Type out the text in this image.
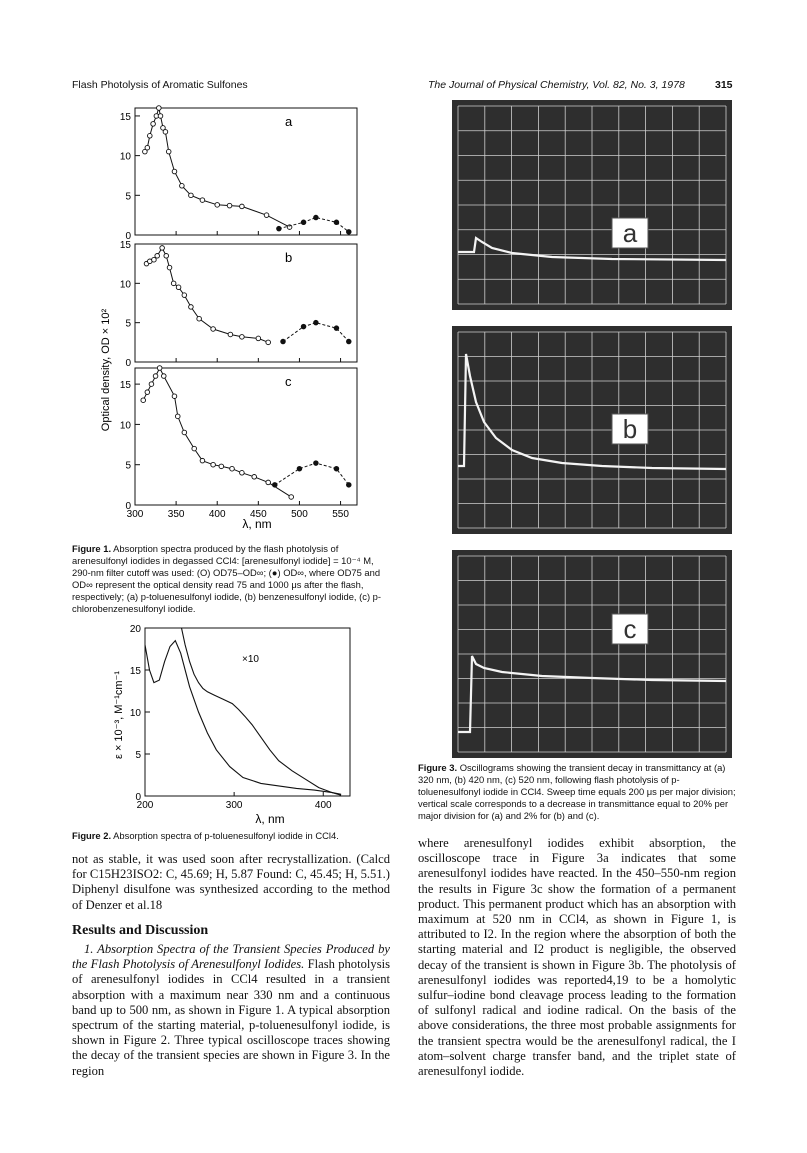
Flash Photolysis of Aromatic Sulfones	The Journal of Physical Chemistry, Vol. 82, No. 3, 1978	315
0
5
10
15	a
0
5
10
15
b
0
5
10
15
300 350 400 450 500 550
c
Optical density, OD × 10²
λ, nm
Figure 1. Absorption spectra produced by the flash photolysis of arenesulfonyl iodides in degassed CCl4: [arenesulfonyl iodide] = 10⁻⁴ M, 290-nm filter cutoff was used: (O) OD75–OD∞; (●) OD∞, where OD75 and OD∞ represent the optical density read 75 and 1000 μs after the flash, respectively; (a) p-toluenesulfonyl iodide, (b) benzenesulfonyl iodide, (c) p-chlorobenzenesulfonyl iodide.
0
5
10
15
20
200	300	400
ε × 10⁻³, M⁻¹cm⁻¹
λ, nm
×10
Figure 2. Absorption spectra of p-toluenesulfonyl iodide in CCl4.
a
b
c
Figure 3. Oscillograms showing the transient decay in transmittancy at (a) 320 nm, (b) 420 nm, (c) 520 nm, following flash photolysis of p-toluenesulfonyl iodide in CCl4. Sweep time equals 200 μs per major division; vertical scale corresponds to a decrease in transmittance equal to 20% per major division for (a) and 2% for (b) and (c).

not as stable, it was used soon after recrystallization. (Calcd for C15H23ISO2: C, 45.69; H, 5.87 Found: C, 45.45; H, 5.51.) Diphenyl disulfone was synthesized according to the method of Denzer et al.18

Results and Discussion

1. Absorption Spectra of the Transient Species Produced by the Flash Photolysis of Arenesulfonyl Iodides. Flash photolysis of arenesulfonyl iodides in CCl4 resulted in a transient absorption with a maximum near 330 nm and a continuous band up to 500 nm, as shown in Figure 1. A typical absorption spectrum of the starting material, p-toluenesulfonyl iodide, is shown in Figure 2. Three typical oscilloscope traces showing the decay of the transient species are shown in Figure 3. In the region

where arenesulfonyl iodides exhibit absorption, the oscilloscope trace in Figure 3a indicates that some arenesulfonyl iodides have reacted. In the 450–550-nm region the results in Figure 3c show the formation of a permanent product. This permanent product which has an absorption with maximum at 520 nm in CCl4, as shown in Figure 1, is attributed to I2. In the region where the absorption of both the starting material and I2 product is negligible, the observed decay of the transient is shown in Figure 3b. The photolysis of arenesulfonyl iodides was reported4,19 to be a homolytic sulfur–iodine bond cleavage process leading to the formation of sulfonyl radical and iodine radical. On the basis of the above considerations, the three most probable assignments for the transient spectra would be the arenesulfonyl radical, the I atom–solvent charge transfer band, and the triplet state of arenesulfonyl iodide.
